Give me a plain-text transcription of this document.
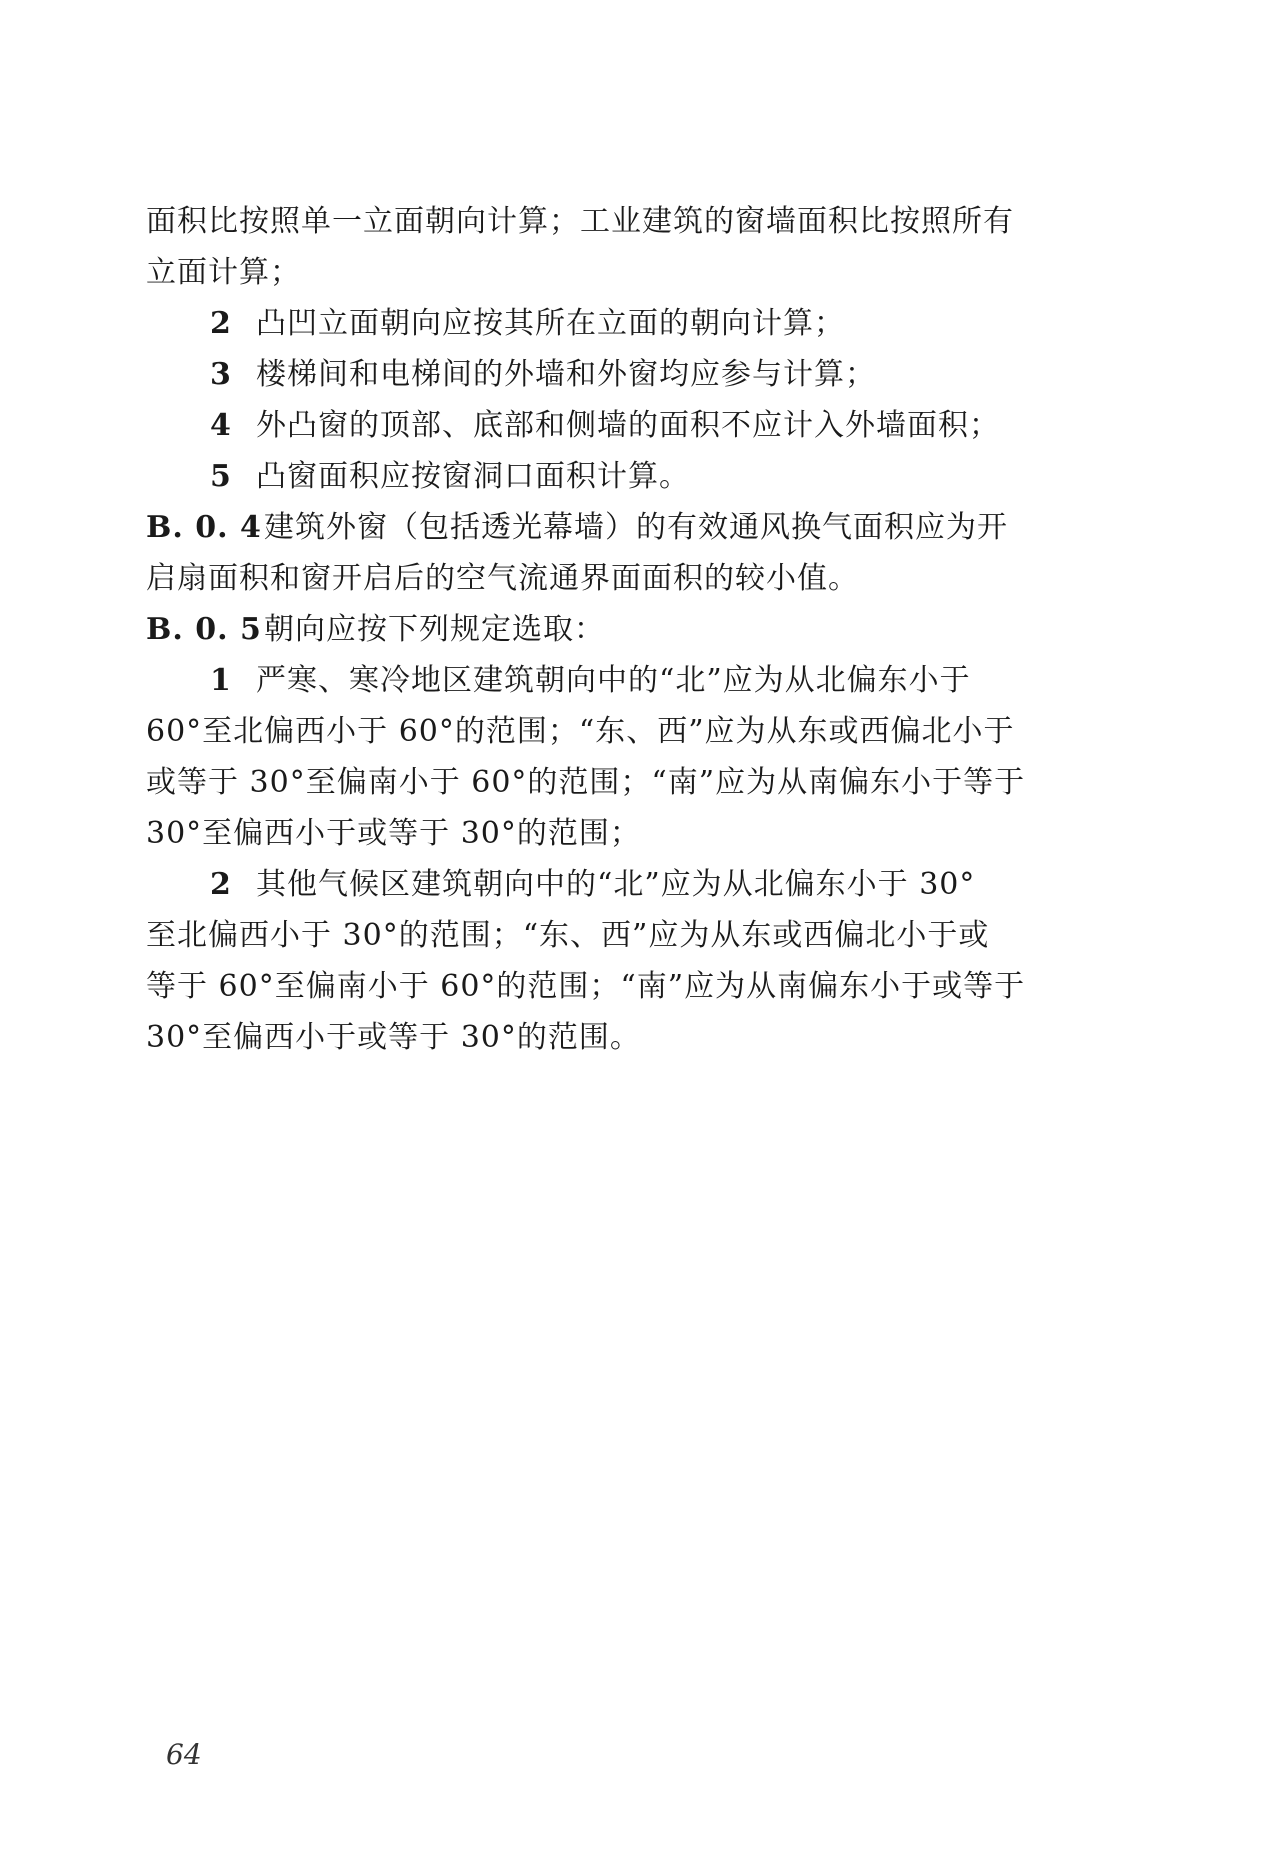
面积比按照单一立面朝向计算；工业建筑的窗墙面积比按照所有
立面计算；
2 凸凹立面朝向应按其所在立面的朝向计算；
3 楼梯间和电梯间的外墙和外窗均应参与计算；
4 外凸窗的顶部、底部和侧墙的面积不应计入外墙面积；
5 凸窗面积应按窗洞口面积计算。
B. 0. 4建筑外窗（包括透光幕墙）的有效通风换气面积应为开
启扇面积和窗开启后的空气流通界面面积的较小值。
B. 0. 5朝向应按下列规定选取：
1 严寒、寒冷地区建筑朝向中的“北”应为从北偏东小于
60°至北偏西小于 60°的范围；“东、西”应为从东或西偏北小于
或等于 30°至偏南小于 60°的范围；“南”应为从南偏东小于等于
30°至偏西小于或等于 30°的范围；
2 其他气候区建筑朝向中的“北”应为从北偏东小于 30°
至北偏西小于 30°的范围；“东、西”应为从东或西偏北小于或
等于 60°至偏南小于 60°的范围；“南”应为从南偏东小于或等于
30°至偏西小于或等于 30°的范围。
64
